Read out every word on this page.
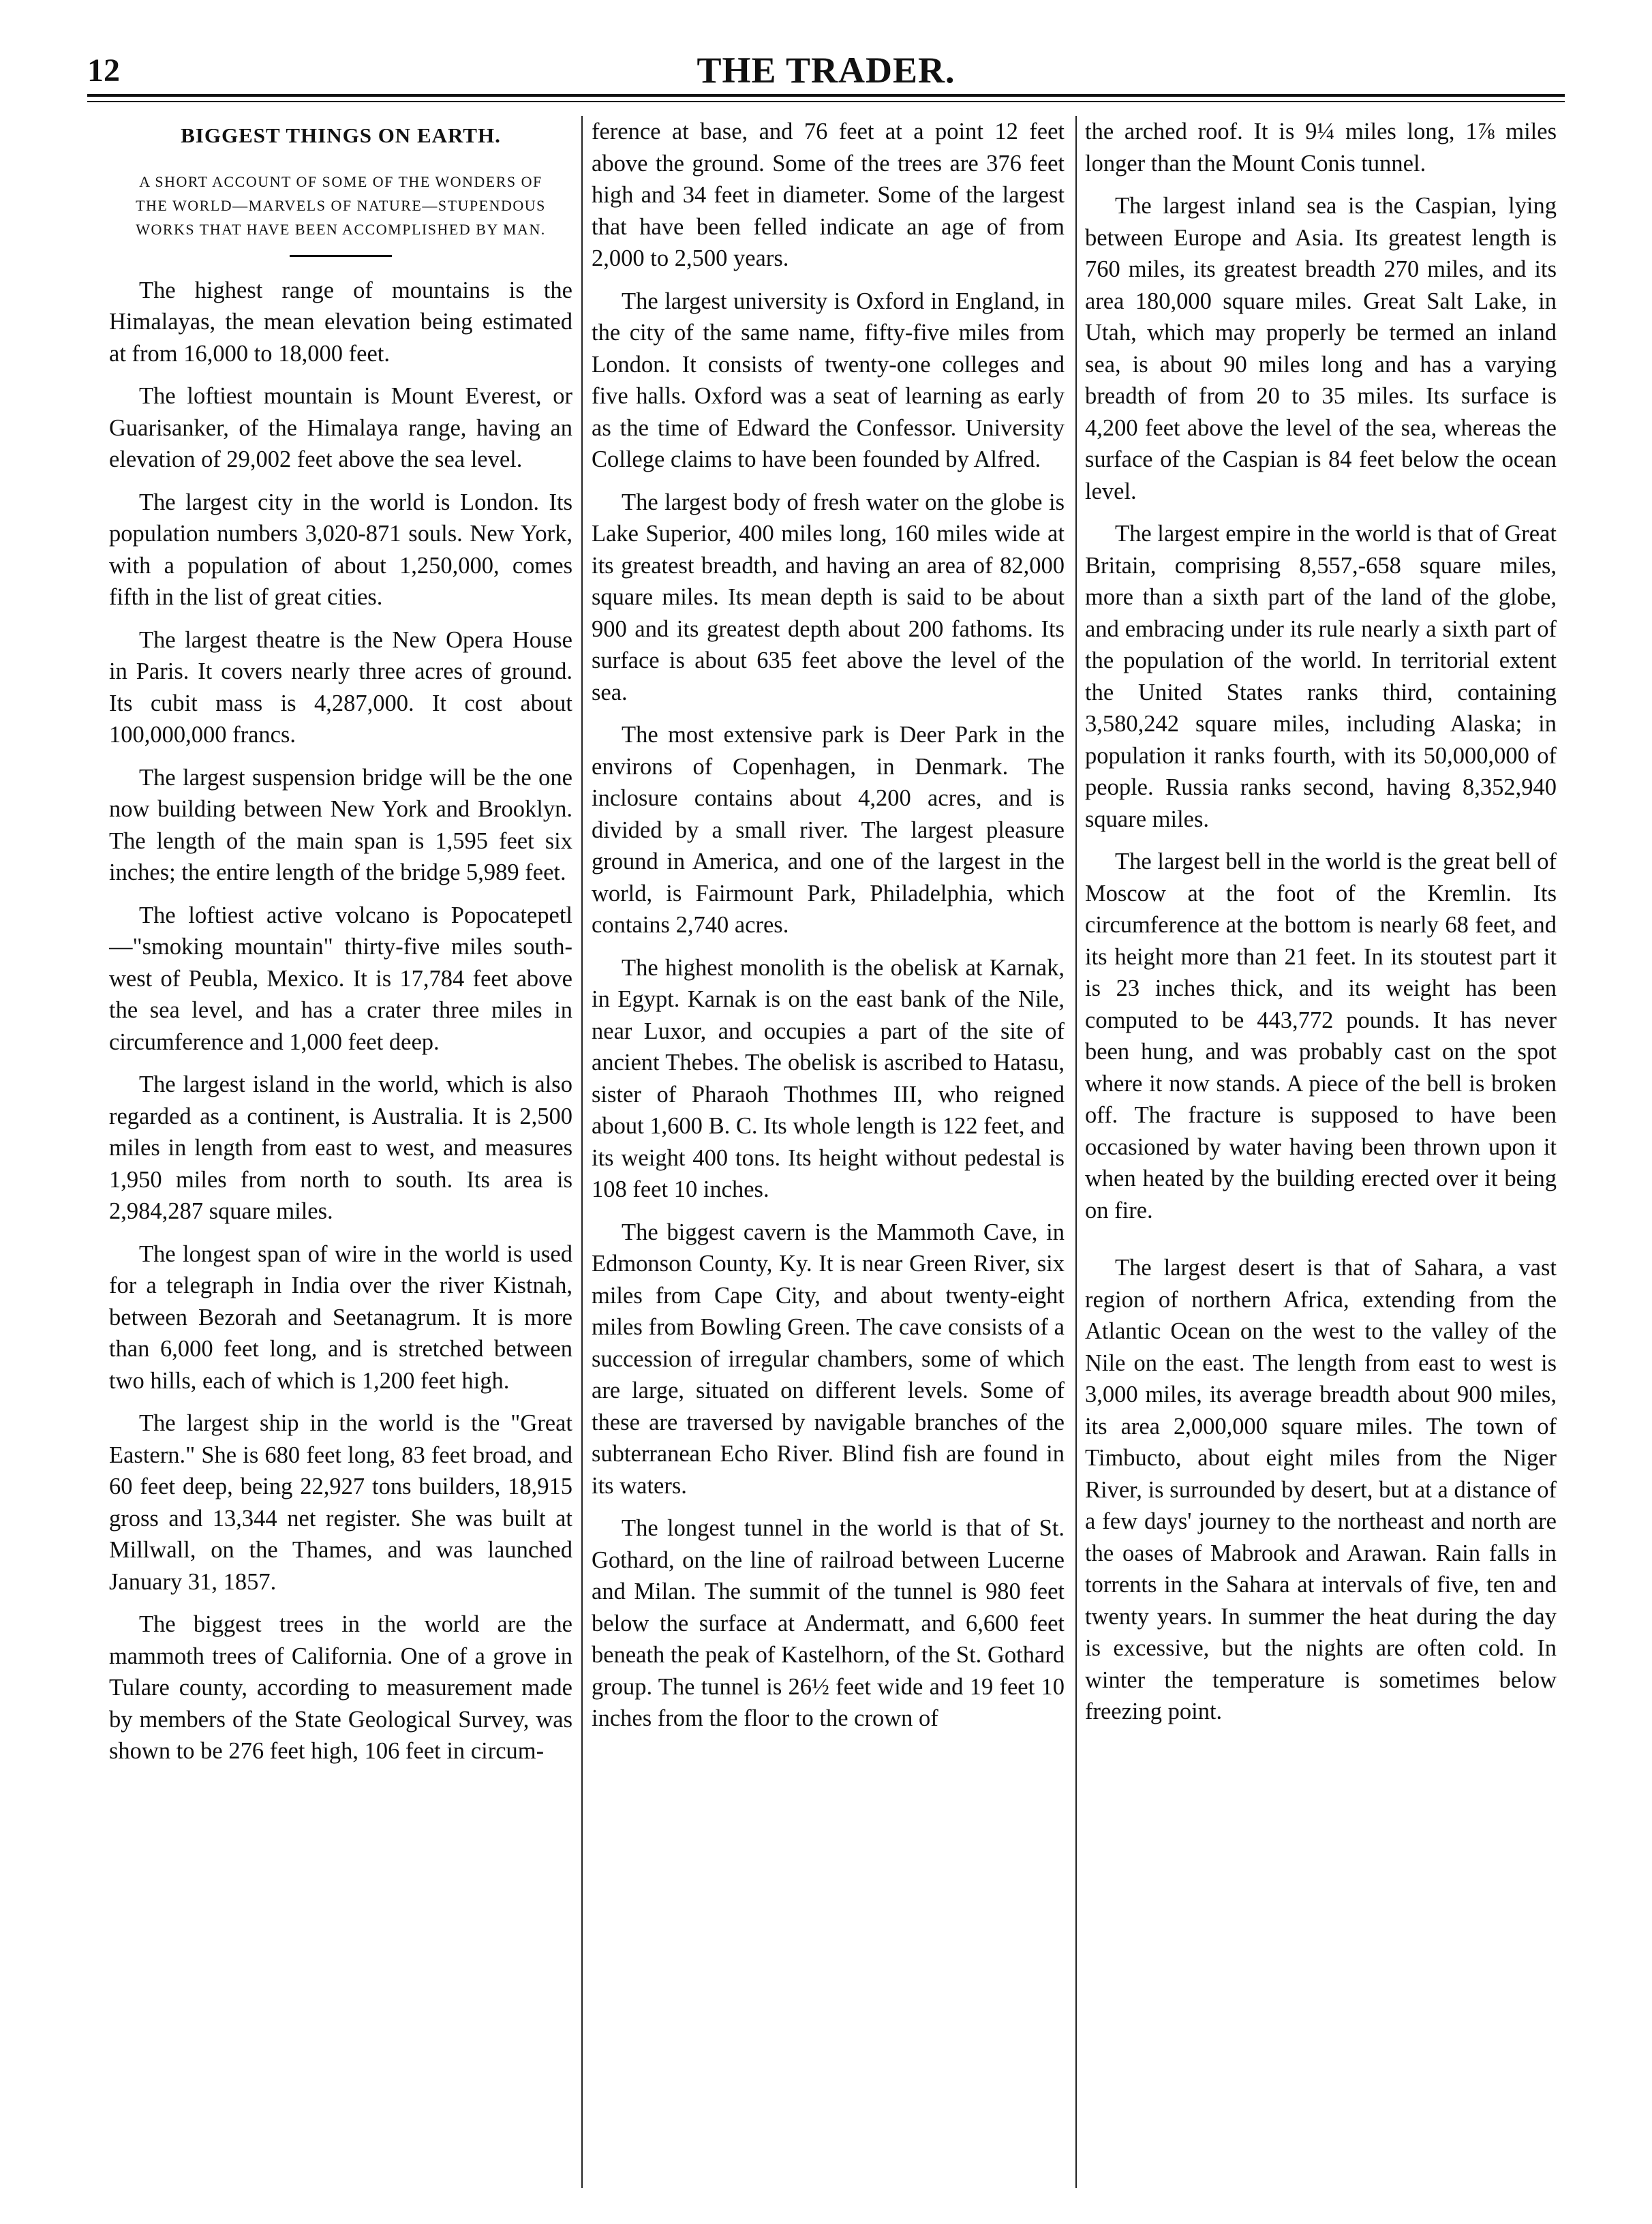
12	THE TRADER.
BIGGEST THINGS ON EARTH.
A SHORT ACCOUNT OF SOME OF THE WONDERS OF THE WORLD—MARVELS OF NATURE—STUPENDOUS WORKS THAT HAVE BEEN ACCOMPLISHED BY MAN.

The highest range of mountains is the Himalayas, the mean elevation being estimated at from 16,000 to 18,000 feet.

The loftiest mountain is Mount Everest, or Guarisanker, of the Himalaya range, having an elevation of 29,002 feet above the sea level.

The largest city in the world is London. Its population numbers 3,020-871 souls. New York, with a population of about 1,250,000, comes fifth in the list of great cities.

The largest theatre is the New Opera House in Paris. It covers nearly three acres of ground. Its cubit mass is 4,287,000. It cost about 100,000,000 francs.

The largest suspension bridge will be the one now building between New York and Brooklyn. The length of the main span is 1,595 feet six inches; the entire length of the bridge 5,989 feet.

The loftiest active volcano is Popocatepetl—"smoking mountain" thirty-five miles south-west of Peubla, Mexico. It is 17,784 feet above the sea level, and has a crater three miles in circumference and 1,000 feet deep.

The largest island in the world, which is also regarded as a continent, is Australia. It is 2,500 miles in length from east to west, and measures 1,950 miles from north to south. Its area is 2,984,287 square miles.

The longest span of wire in the world is used for a telegraph in India over the river Kistnah, between Bezorah and Seetanagrum. It is more than 6,000 feet long, and is stretched between two hills, each of which is 1,200 feet high.

The largest ship in the world is the "Great Eastern." She is 680 feet long, 83 feet broad, and 60 feet deep, being 22,927 tons builders, 18,915 gross and 13,344 net register. She was built at Millwall, on the Thames, and was launched January 31, 1857.

The biggest trees in the world are the mammoth trees of California. One of a grove in Tulare county, according to measurement made by members of the State Geological Survey, was shown to be 276 feet high, 106 feet in circum-

ference at base, and 76 feet at a point 12 feet above the ground. Some of the trees are 376 feet high and 34 feet in diameter. Some of the largest that have been felled indicate an age of from 2,000 to 2,500 years.

The largest university is Oxford in England, in the city of the same name, fifty-five miles from London. It consists of twenty-one colleges and five halls. Oxford was a seat of learning as early as the time of Edward the Confessor. University College claims to have been founded by Alfred.

The largest body of fresh water on the globe is Lake Superior, 400 miles long, 160 miles wide at its greatest breadth, and having an area of 82,000 square miles. Its mean depth is said to be about 900 and its greatest depth about 200 fathoms. Its surface is about 635 feet above the level of the sea.

The most extensive park is Deer Park in the environs of Copenhagen, in Denmark. The inclosure contains about 4,200 acres, and is divided by a small river. The largest pleasure ground in America, and one of the largest in the world, is Fairmount Park, Philadelphia, which contains 2,740 acres.

The highest monolith is the obelisk at Karnak, in Egypt. Karnak is on the east bank of the Nile, near Luxor, and occupies a part of the site of ancient Thebes. The obelisk is ascribed to Hatasu, sister of Pharaoh Thothmes III, who reigned about 1,600 B. C. Its whole length is 122 feet, and its weight 400 tons. Its height without pedestal is 108 feet 10 inches.

The biggest cavern is the Mammoth Cave, in Edmonson County, Ky. It is near Green River, six miles from Cape City, and about twenty-eight miles from Bowling Green. The cave consists of a succession of irregular chambers, some of which are large, situated on different levels. Some of these are traversed by navigable branches of the subterranean Echo River. Blind fish are found in its waters.

The longest tunnel in the world is that of St. Gothard, on the line of railroad between Lucerne and Milan. The summit of the tunnel is 980 feet below the surface at Andermatt, and 6,600 feet beneath the peak of Kastelhorn, of the St. Gothard group. The tunnel is 26½ feet wide and 19 feet 10 inches from the floor to the crown of

the arched roof. It is 9¼ miles long, 1⅞ miles longer than the Mount Conis tunnel.

The largest inland sea is the Caspian, lying between Europe and Asia. Its greatest length is 760 miles, its greatest breadth 270 miles, and its area 180,000 square miles. Great Salt Lake, in Utah, which may properly be termed an inland sea, is about 90 miles long and has a varying breadth of from 20 to 35 miles. Its surface is 4,200 feet above the level of the sea, whereas the surface of the Caspian is 84 feet below the ocean level.

The largest empire in the world is that of Great Britain, comprising 8,557,-658 square miles, more than a sixth part of the land of the globe, and embracing under its rule nearly a sixth part of the population of the world. In territorial extent the United States ranks third, containing 3,580,242 square miles, including Alaska; in population it ranks fourth, with its 50,000,000 of people. Russia ranks second, having 8,352,940 square miles.

The largest bell in the world is the great bell of Moscow at the foot of the Kremlin. Its circumference at the bottom is nearly 68 feet, and its height more than 21 feet. In its stoutest part it is 23 inches thick, and its weight has been computed to be 443,772 pounds. It has never been hung, and was probably cast on the spot where it now stands. A piece of the bell is broken off. The fracture is supposed to have been occasioned by water having been thrown upon it when heated by the building erected over it being on fire.

The largest desert is that of Sahara, a vast region of northern Africa, extending from the Atlantic Ocean on the west to the valley of the Nile on the east. The length from east to west is 3,000 miles, its average breadth about 900 miles, its area 2,000,000 square miles. The town of Timbucto, about eight miles from the Niger River, is surrounded by desert, but at a distance of a few days' journey to the northeast and north are the oases of Mabrook and Arawan. Rain falls in torrents in the Sahara at intervals of five, ten and twenty years. In summer the heat during the day is excessive, but the nights are often cold. In winter the temperature is sometimes below freezing point.
